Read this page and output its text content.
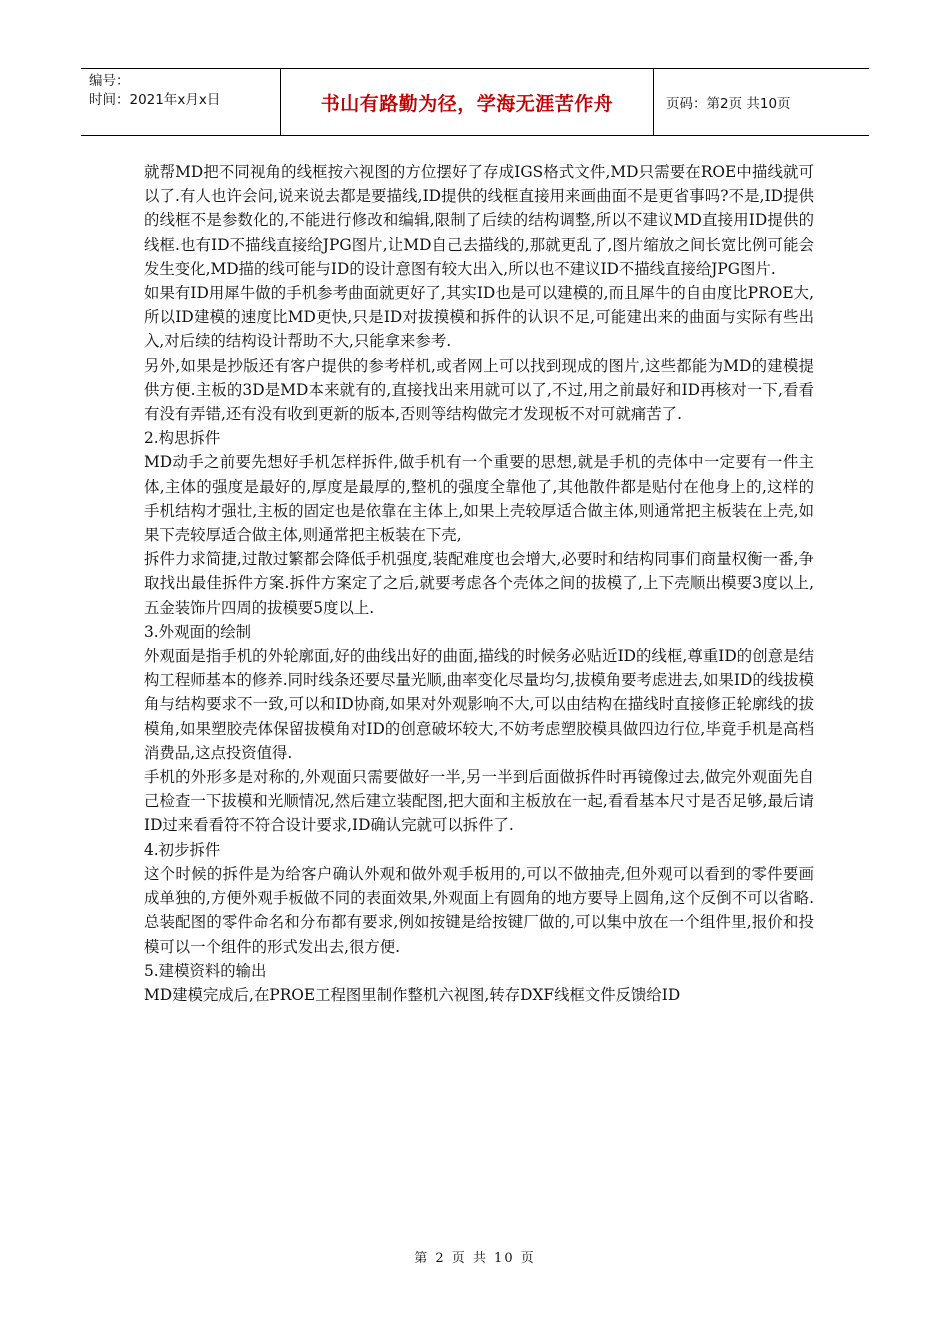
编号：
时间：2021年x月x日	书山有路勤为径，学海无涯苦作舟	页码：第2页 共10页

就帮MD把不同视角的线框按六视图的方位摆好了存成IGS格式文件,MD只需要在ROE中描线就可以了.有人也许会问,说来说去都是要描线,ID提供的线框直接用来画曲面不是更省事吗?不是,ID提供的线框不是参数化的,不能进行修改和编辑,限制了后续的结构调整,所以不建议MD直接用ID提供的线框.也有ID不描线直接给JPG图片,让MD自己去描线的,那就更乱了,图片缩放之间长宽比例可能会发生变化,MD描的线可能与ID的设计意图有较大出入,所以也不建议ID不描线直接给JPG图片.

如果有ID用犀牛做的手机参考曲面就更好了,其实ID也是可以建模的,而且犀牛的自由度比PROE大,所以ID建模的速度比MD更快,只是ID对拔摸模和拆件的认识不足,可能建出来的曲面与实际有些出入,对后续的结构设计帮助不大,只能拿来参考.

另外,如果是抄版还有客户提供的参考样机,或者网上可以找到现成的图片,这些都能为MD的建模提供方便.主板的3D是MD本来就有的,直接找出来用就可以了,不过,用之前最好和ID再核对一下,看看有没有弄错,还有没有收到更新的版本,否则等结构做完才发现板不对可就痛苦了.

2.构思拆件

MD动手之前要先想好手机怎样拆件,做手机有一个重要的思想,就是手机的壳体中一定要有一件主体,主体的强度是最好的,厚度是最厚的,整机的强度全靠他了,其他散件都是贴付在他身上的,这样的手机结构才强壮,主板的固定也是依靠在主体上,如果上壳较厚适合做主体,则通常把主板装在上壳,如果下壳较厚适合做主体,则通常把主板装在下壳,

拆件力求简捷,过散过繁都会降低手机强度,装配难度也会增大,必要时和结构同事们商量权衡一番,争取找出最佳拆件方案.拆件方案定了之后,就要考虑各个壳体之间的拔模了,上下壳顺出模要3度以上,五金装饰片四周的拔模要5度以上.

3.外观面的绘制

外观面是指手机的外轮廓面,好的曲线出好的曲面,描线的时候务必贴近ID的线框,尊重ID的创意是结构工程师基本的修养.同时线条还要尽量光顺,曲率变化尽量均匀,拔模角要考虑进去,如果ID的线拔模角与结构要求不一致,可以和ID协商,如果对外观影响不大,可以由结构在描线时直接修正轮廓线的拔模角,如果塑胶壳体保留拔模角对ID的创意破坏较大,不妨考虑塑胶模具做四边行位,毕竟手机是高档消费品,这点投资值得.

手机的外形多是对称的,外观面只需要做好一半,另一半到后面做拆件时再镜像过去,做完外观面先自己检查一下拔模和光顺情况,然后建立装配图,把大面和主板放在一起,看看基本尺寸是否足够,最后请ID过来看看符不符合设计要求,ID确认完就可以拆件了.

4.初步拆件

这个时候的拆件是为给客户确认外观和做外观手板用的,可以不做抽壳,但外观可以看到的零件要画成单独的,方便外观手板做不同的表面效果,外观面上有圆角的地方要导上圆角,这个反倒不可以省略.总装配图的零件命名和分布都有要求,例如按键是给按键厂做的,可以集中放在一个组件里,报价和投模可以一个组件的形式发出去,很方便.

5.建模资料的输出

MD建模完成后,在PROE工程图里制作整机六视图,转存DXF线框文件反馈给ID

第 2 页 共 10 页
